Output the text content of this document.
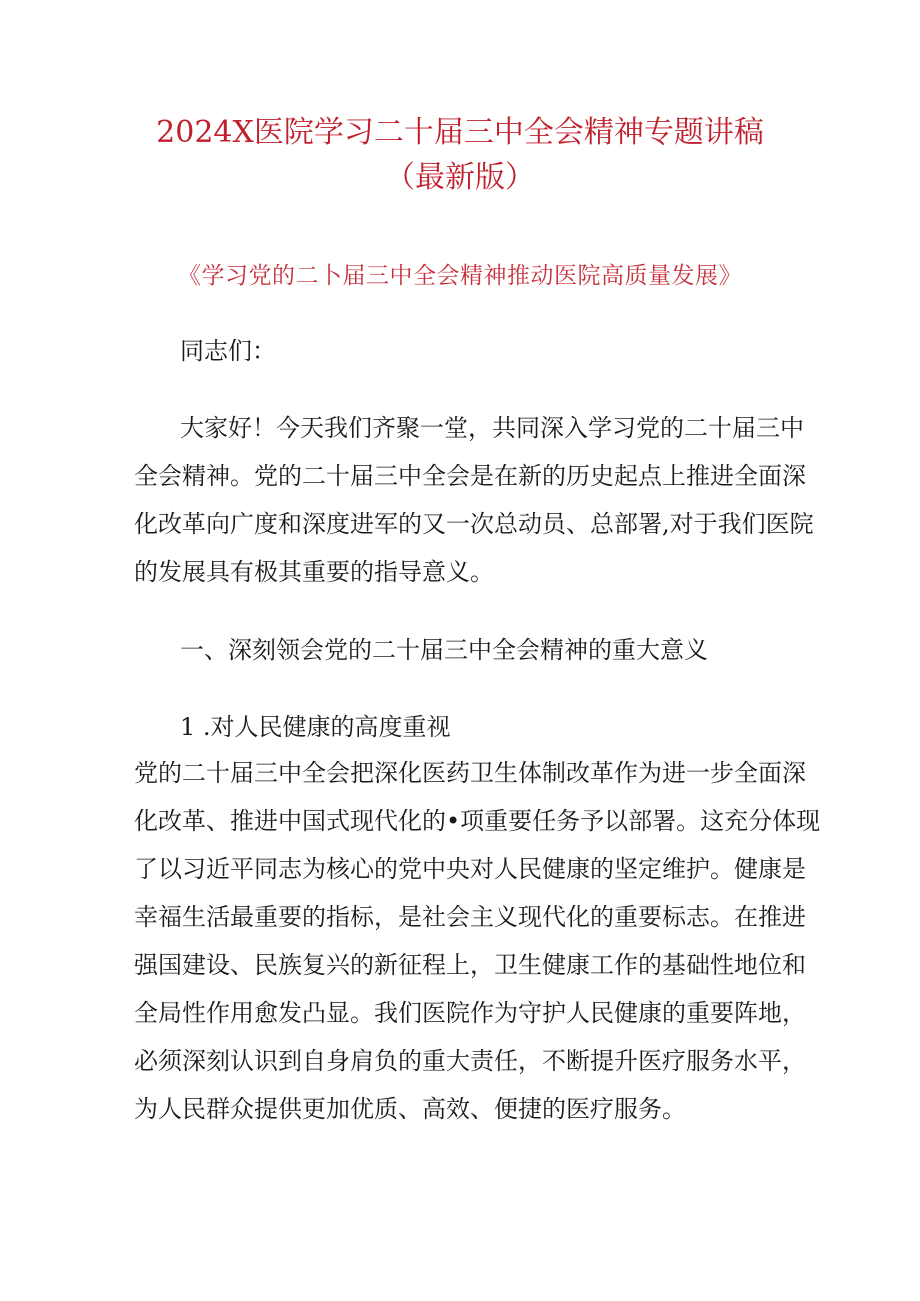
2024X医院学习二十届三中全会精神专题讲稿
（最新版）
《学习党的二卜届三中全会精神推动医院高质量发展》
同志们：
大家好！今天我们齐聚一堂，共同深入学习党的二十届三中
全会精神。党的二十届三中全会是在新的历史起点上推进全面深
化改革向广度和深度进军的又一次总动员、总部署,对于我们医院
的发展具有极其重要的指导意义。
一、深刻领会党的二十届三中全会精神的重大意义
1 .对人民健康的高度重视
党的二十届三中全会把深化医药卫生体制改革作为进一步全面深
化改革、推进中国式现代化的•项重要任务予以部署。这充分体现
了以习近平同志为核心的党中央对人民健康的坚定维护。健康是
幸福生活最重要的指标，是社会主义现代化的重要标志。在推进
强国建设、民族复兴的新征程上，卫生健康工作的基础性地位和
全局性作用愈发凸显。我们医院作为守护人民健康的重要阵地，
必须深刻认识到自身肩负的重大责任，不断提升医疗服务水平，
为人民群众提供更加优质、高效、便捷的医疗服务。
